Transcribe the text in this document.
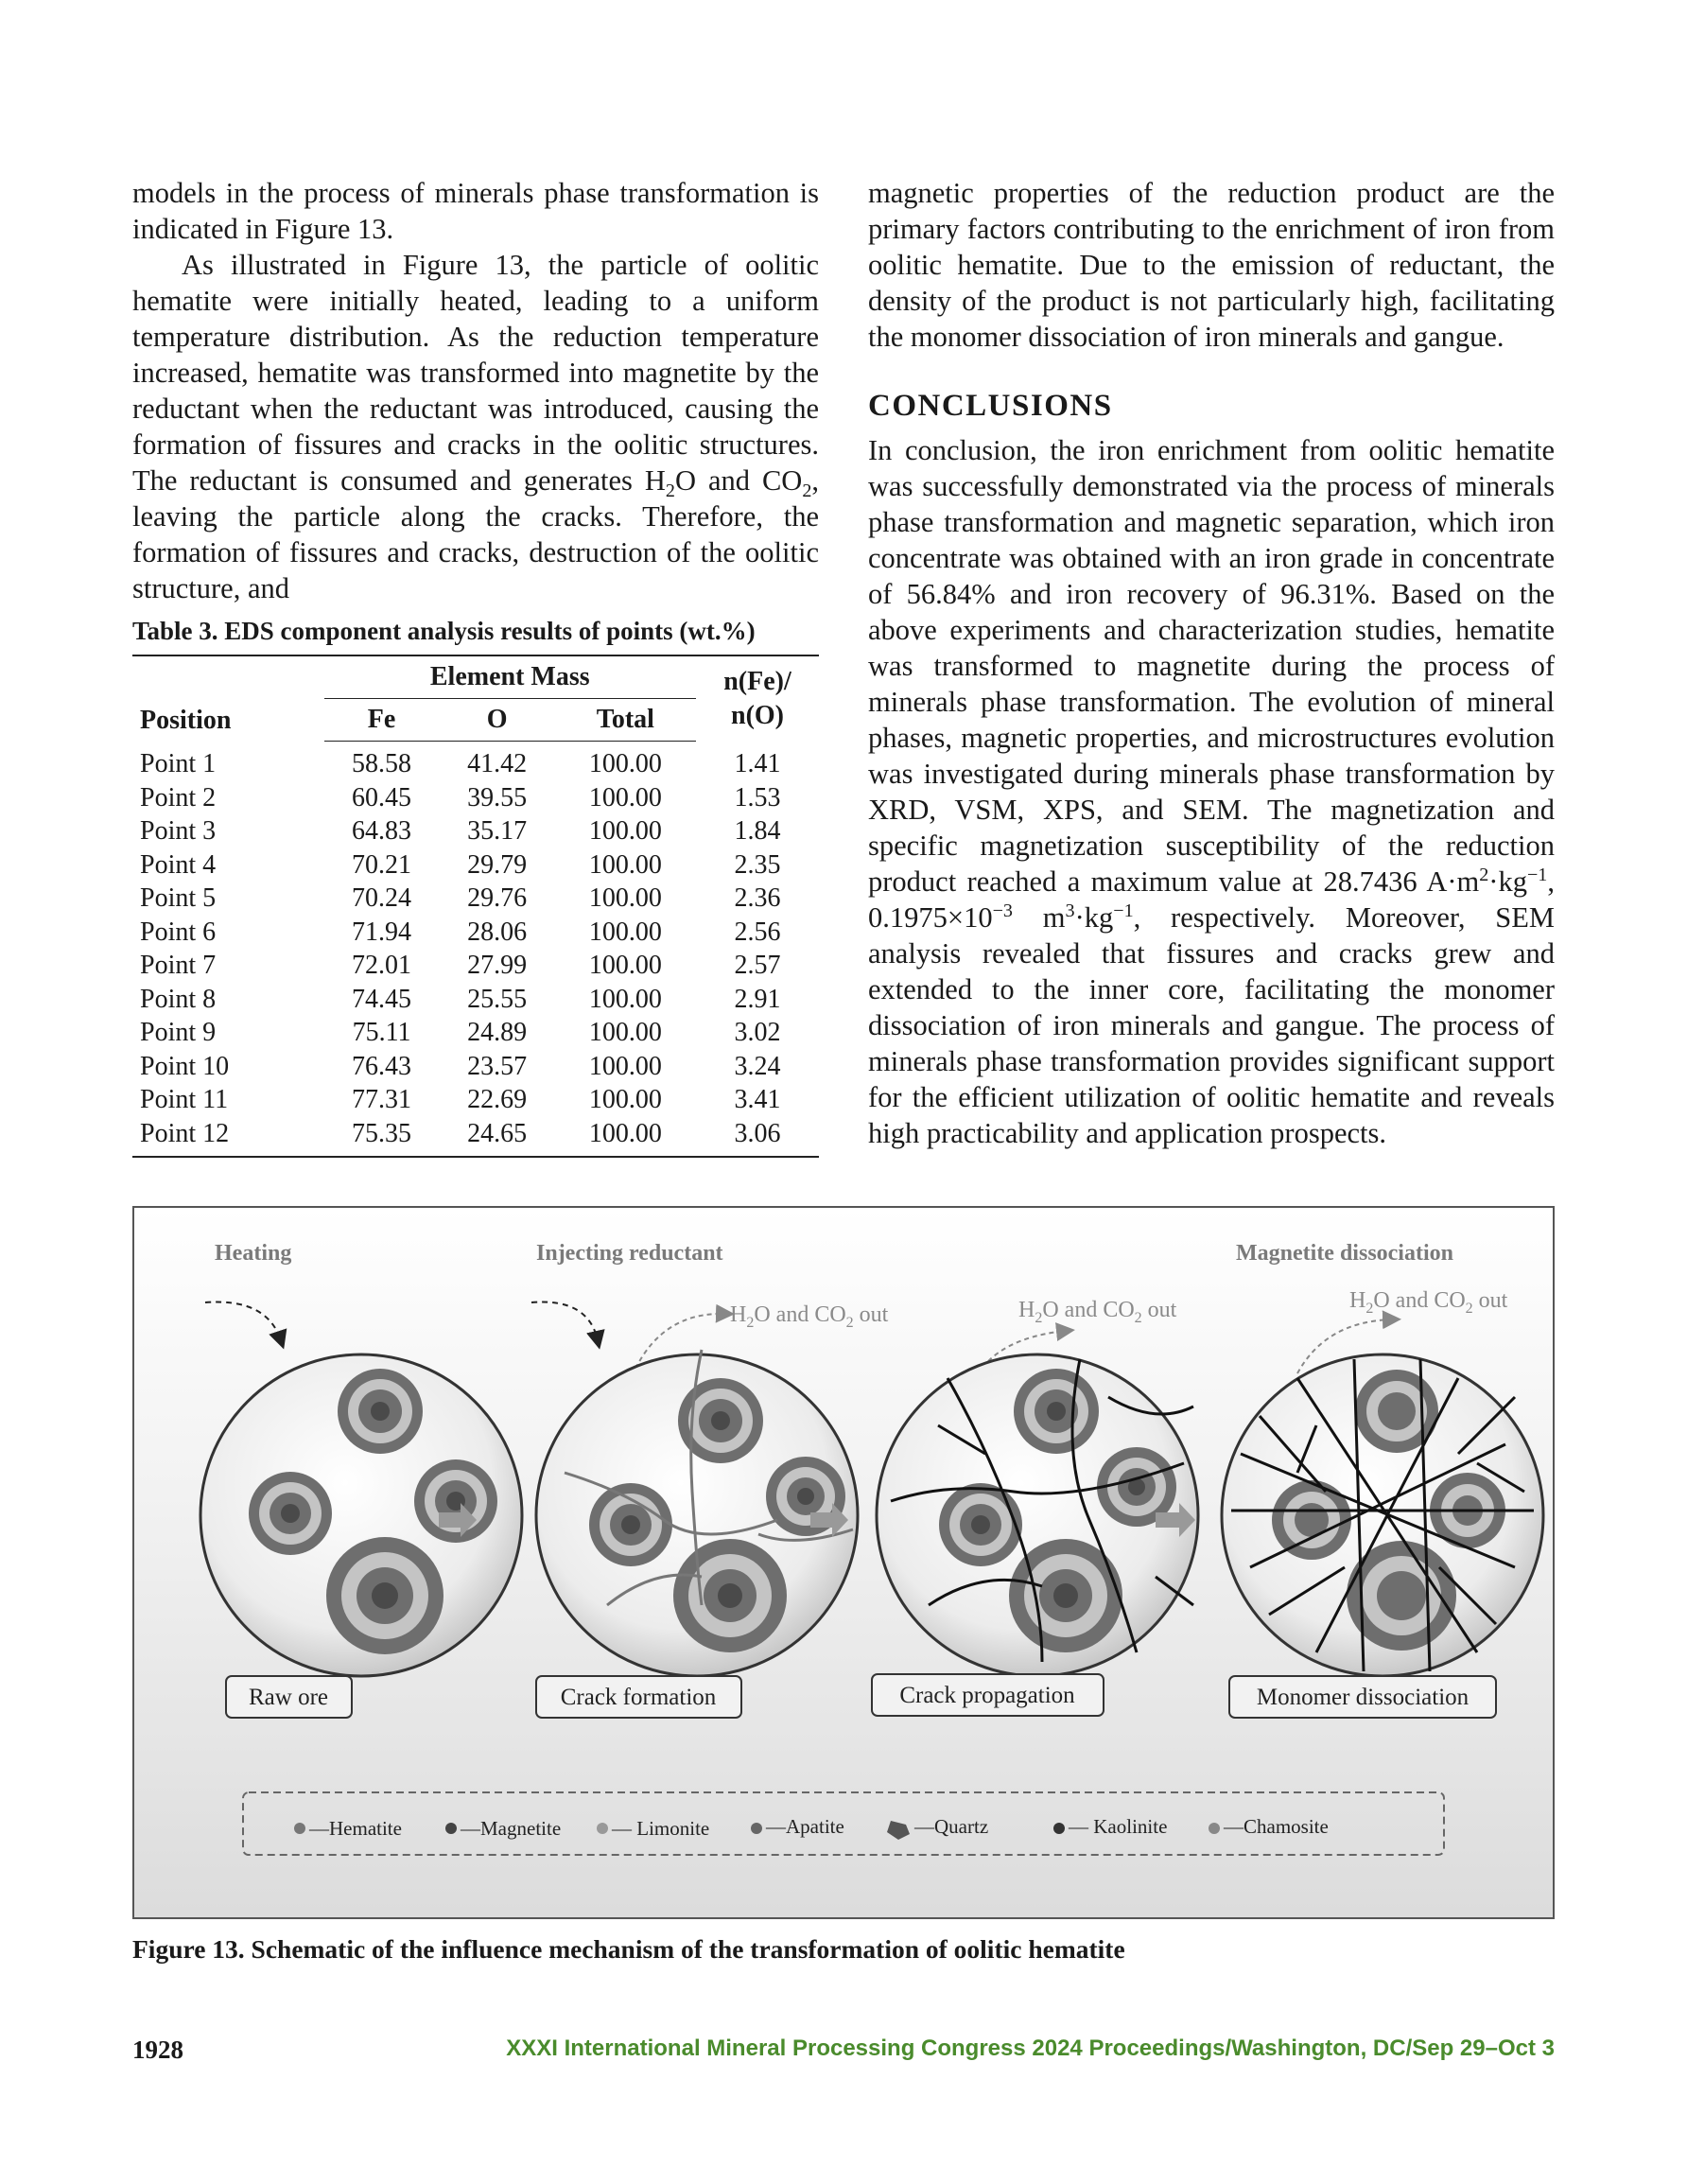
models in the process of minerals phase transformation is indicated in Figure 13.

As illustrated in Figure 13, the particle of oolitic hematite were initially heated, leading to a uniform temperature distribution. As the reduction temperature increased, hematite was transformed into magnetite by the reductant when the reductant was introduced, causing the formation of fissures and cracks in the oolitic structures. The reductant is consumed and generates $H_2O$ and $CO_2$, leaving the particle along the cracks. Therefore, the formation of fissures and cracks, destruction of the oolitic structure, and

Table 3. EDS component analysis results of points (wt.%)
Position	Element Mass			n(Fe)/ n(O)
	Fe	O	Total	
Point 1	58.58	41.42	100.00	1.41
Point 2	60.45	39.55	100.00	1.53
Point 3	64.83	35.17	100.00	1.84
Point 4	70.21	29.79	100.00	2.35
Point 5	70.24	29.76	100.00	2.36
Point 6	71.94	28.06	100.00	2.56
Point 7	72.01	27.99	100.00	2.57
Point 8	74.45	25.55	100.00	2.91
Point 9	75.11	24.89	100.00	3.02
Point 10	76.43	23.57	100.00	3.24
Point 11	77.31	22.69	100.00	3.41
Point 12	75.35	24.65	100.00	3.06

magnetic properties of the reduction product are the primary factors contributing to the enrichment of iron from oolitic hematite. Due to the emission of reductant, the density of the product is not particularly high, facilitating the monomer dissociation of iron minerals and gangue.

CONCLUSIONS

In conclusion, the iron enrichment from oolitic hematite was successfully demonstrated via the process of minerals phase transformation and magnetic separation, which iron concentrate was obtained with an iron grade in concentrate of 56.84% and iron recovery of 96.31%. Based on the above experiments and characterization studies, hematite was transformed to magnetite during the process of minerals phase transformation. The evolution of mineral phases, magnetic properties, and microstructures evolution was investigated during minerals phase transformation by XRD, VSM, XPS, and SEM. The magnetization and specific magnetization susceptibility of the reduction product reached a maximum value at 28.7436 $A\cdot m^2\cdot kg^{-1}$, $0.1975\times 10^{-3}$ $m^3\cdot kg^{-1}$, respectively. Moreover, SEM analysis revealed that fissures and cracks grew and extended to the inner core, facilitating the monomer dissociation of iron minerals and gangue. The process of minerals phase transformation provides significant support for the efficient utilization of oolitic hematite and reveals high practicability and application prospects.

Heating	Injecting reductant	Magnetite dissociation
$H_2O$ and $CO_2$ out	$H_2O$ and $CO_2$ out	$H_2O$ and $CO_2$ out
Raw ore	Crack formation	Crack propagation	Monomer dissociation
—Hematite	—Magnetite	— Limonite	—Apatite	—Quartz	— Kaolinite	—Chamosite
Figure 13. Schematic of the influence mechanism of the transformation of oolitic hematite
1928	XXXI International Mineral Processing Congress 2024 Proceedings/Washington, DC/Sep 29–Oct 3
